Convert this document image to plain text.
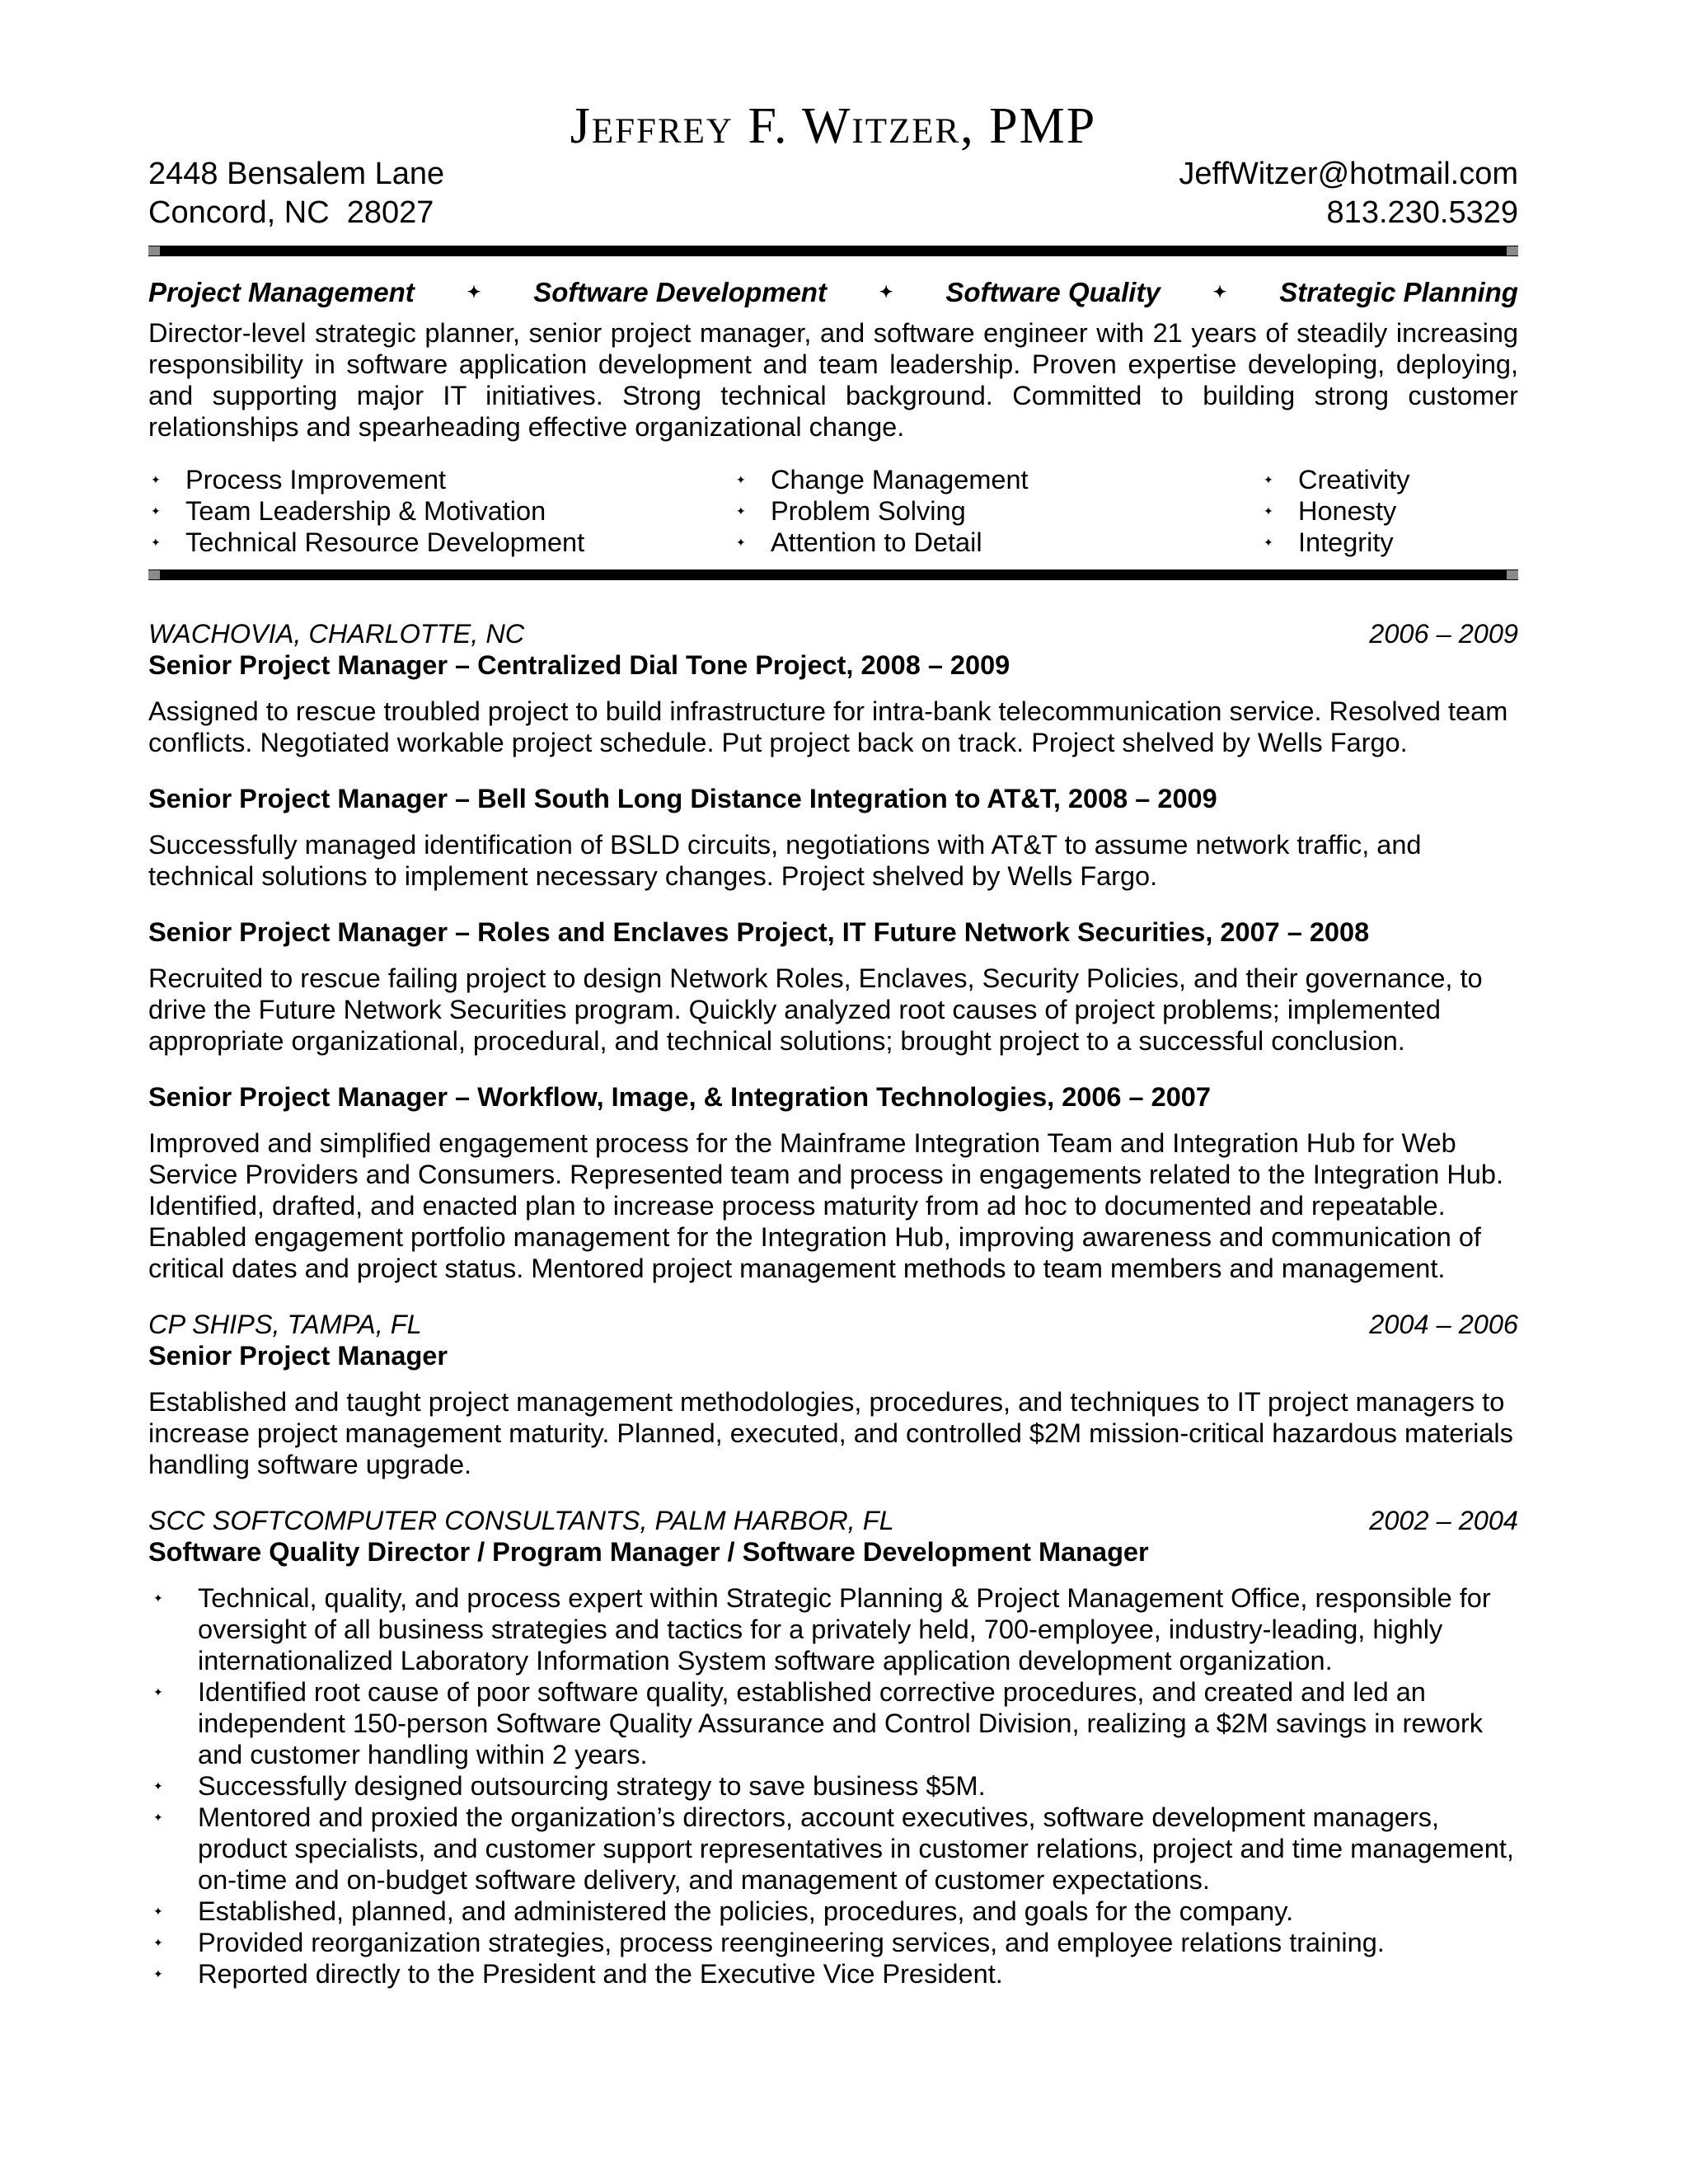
Jeffrey F. Witzer, PMP
2448 Bensalem Lane
Concord, NC  28027
JeffWitzer@hotmail.com
813.230.5329
Project Management	✦ Software Development	✦ Software Quality	✦ Strategic Planning
Director-level strategic planner, senior project manager, and software engineer with 21 years of steadily increasing responsibility in software application development and team leadership. Proven expertise developing, deploying, and supporting major IT initiatives. Strong technical background. Committed to building strong customer relationships and spearheading effective organizational change.
✦ Process Improvement
✦ Team Leadership & Motivation
✦ Technical Resource Development
✦ Change Management
✦ Problem Solving
✦ Attention to Detail
✦ Creativity
✦ Honesty
✦ Integrity
WACHOVIA, CHARLOTTE, NC	2006 – 2009
Senior Project Manager – Centralized Dial Tone Project, 2008 – 2009
Assigned to rescue troubled project to build infrastructure for intra-bank telecommunication service. Resolved team conflicts. Negotiated workable project schedule. Put project back on track. Project shelved by Wells Fargo.
Senior Project Manager – Bell South Long Distance Integration to AT&T, 2008 – 2009
Successfully managed identification of BSLD circuits, negotiations with AT&T to assume network traffic, and technical solutions to implement necessary changes. Project shelved by Wells Fargo.
Senior Project Manager – Roles and Enclaves Project, IT Future Network Securities, 2007 – 2008
Recruited to rescue failing project to design Network Roles, Enclaves, Security Policies, and their governance, to drive the Future Network Securities program. Quickly analyzed root causes of project problems; implemented appropriate organizational, procedural, and technical solutions; brought project to a successful conclusion.
Senior Project Manager – Workflow, Image, & Integration Technologies, 2006 – 2007
Improved and simplified engagement process for the Mainframe Integration Team and Integration Hub for Web Service Providers and Consumers. Represented team and process in engagements related to the Integration Hub. Identified, drafted, and enacted plan to increase process maturity from ad hoc to documented and repeatable. Enabled engagement portfolio management for the Integration Hub, improving awareness and communication of critical dates and project status. Mentored project management methods to team members and management.
CP SHIPS, TAMPA, FL	2004 – 2006
Senior Project Manager
Established and taught project management methodologies, procedures, and techniques to IT project managers to increase project management maturity. Planned, executed, and controlled $2M mission-critical hazardous materials handling software upgrade.
SCC SOFTCOMPUTER CONSULTANTS, PALM HARBOR, FL	2002 – 2004
Software Quality Director / Program Manager / Software Development Manager
✦ Technical, quality, and process expert within Strategic Planning & Project Management Office, responsible for oversight of all business strategies and tactics for a privately held, 700-employee, industry-leading, highly internationalized Laboratory Information System software application development organization.
✦ Identified root cause of poor software quality, established corrective procedures, and created and led an independent 150-person Software Quality Assurance and Control Division, realizing a $2M savings in rework and customer handling within 2 years.
✦ Successfully designed outsourcing strategy to save business $5M.
✦ Mentored and proxied the organization’s directors, account executives, software development managers, product specialists, and customer support representatives in customer relations, project and time management, on-time and on-budget software delivery, and management of customer expectations.
✦ Established, planned, and administered the policies, procedures, and goals for the company.
✦ Provided reorganization strategies, process reengineering services, and employee relations training.
✦ Reported directly to the President and the Executive Vice President.
